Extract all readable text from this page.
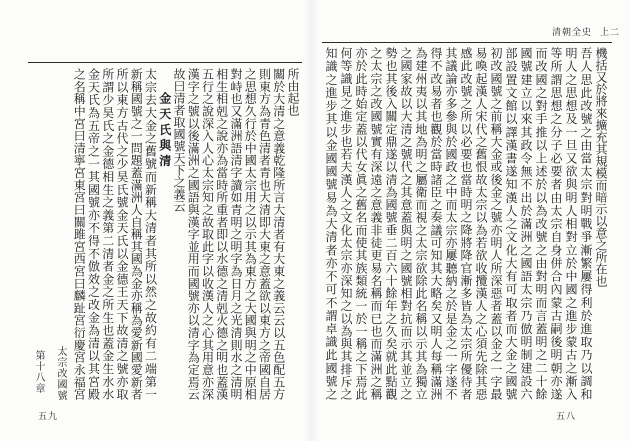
所由起也
關於大清之意義乾隆所言大清者有大東之義云云以五色配五方
則東方為青色清者青也大清即大東之意蓋欲以東方之帝國自居
之思想久行於中國太宗用之以示其為東方之大國與明之中原相
對峙也又滿洲語清字讀如青明之明字為日月之光清則水之清明
相生相剋之說亦為當時所重者即以水德之清剋火德之明也蓋漢
五行之說深入人心太宗知之故取此字以收漢人之心其用意亦深
漢字之號以後滿洲之國語與漢字並用而國號亦以清字為定焉云
故曰清者取國號天下之義云
金天氏與清
太宗去大金之舊號而新稱大清者其所以然之故約有二端第一
新稱國號之一問題蓋滿洲人自稱其國為金亦稱為愛新國愛新者
所以東方古代之少昊氏號金天氏以金德王天下故清之號亦取
所謂少昊氏之金德相生之義第二清者金之所生也蓋金生水水
金天氏為五帝之一其國號亦不得不倣效之改金為清以其宮殿
之名稱中宮曰清寧宮東宮曰關雎宮西宮曰麟趾宮衍慶宮永福宮
第十八章 太宗改國號
五九
清朝全史 上二
機括又於將來擴充其規模而暗示以意之所在也
吾人思此改號之由當太宗對明戰爭漸繁屢得利於進取乃以調和
明人之思想及一旦又欲與明人相對立於中國之進步蒙古之漸入
等所謂思想之分子必要者由太宗自身併合內蒙古嗣後明朝亦遂
而改國之對手推以上述於以為改號之由對明而言蓋明之二十餘
國號建立以來其政令無不出於滿洲之國語太宗乃倣明制建設六
部設置文館以譯漢書遂知漢人之文化大有可取者而大金之國號
初改國號之前稱大金或後金之號亦明人所深惡者蓋以金之一字最
易喚起漢人宋代之舊恨故太宗以為若欲收攬漢人之心須先除其惡
感此改號之所以必要也當時明之降將降官漸多皆為太宗所優待者
其議論亦多參與於國政之中而太宗亦屢聽納之於是金之一字遂不
得不改易者也觀於當時諸臣之奏議可知其大略矣又明人每稱滿洲
為建州夷以其地為明之屬衛而視之太宗欲除此名稱以示其為獨立
之國家故以大清之號代之其意蓋與明之國號相對抗而示其並立之
勢也其後入關定鼎遂以清為國號垂二百六十餘年之久矣就此點觀
之太宗之改國號實有深遠之意義非徒更易名稱而已也而滿洲之稱
亦於此時始定蓋以代女眞之舊名而使其族類統一於一稱之下焉此
何等識見之進步也若夫漢人之文化太宗亦深知之以為與其排斥之
知識之進步其以金國國號易為大清者亦不可不謂卓識此國號之
五八
